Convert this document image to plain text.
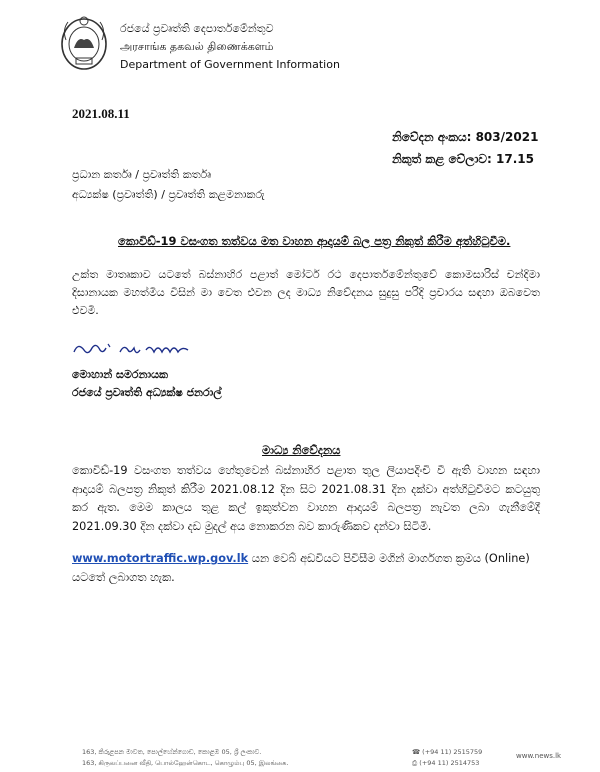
රජයේ ප්‍රවෘත්ති දෙපාර්තමේන්තුව
அரசாங்க தகவல் திணைக்களம்
Department of Government Information
2021.08.11
නිවේදන අංකය: 803/2021
නිකුත් කළ වේලාව: 17.15
ප්‍රධාන කර්තෘ / ප්‍රවෘත්ති කර්තෘ
අධ්‍යක්ෂ (ප්‍රවෘත්ති) / ප්‍රවෘත්ති කළමනාකරු
කොවිඩ්-19 වසංගත තත්වය මත වාහන ආදායම් බල පත්‍ර නිකුත් කිරීම අත්හිටුවීම.
උක්ත මාතෘකාව යටතේ බස්නාහිර පළාත් මෝටර් රථ දෙපාර්තමේන්තුවේ කොමසාරිස් චන්දිමා දිසානායක මහත්මිය විසින් මා වෙත එවන ලද මාධ්‍ය නිවේදනය සුදුසු පරිදි ප්‍රචාරය සඳහා ඔබවෙත එවමි.
මොහාන් සමරනායක
රජයේ ප්‍රවෘත්ති අධ්‍යක්ෂ ජනරාල්
මාධ්‍ය නිවේදනය
කොවිඩ්-19 වසංගත තත්වය හේතුවෙන් බස්නාහිර පළාත තුල ලියාපදිංචි වී ඇති වාහන සඳහා ආදායම් බලපත්‍ර නිකුත් කිරීම 2021.08.12 දින සිට 2021.08.31 දින දක්වා අත්හිටුවීමට කටයුතු කර ඇත. මෙම කාලය තුළ කල් ඉකුත්වන වාහන ආදායම් බලපත්‍ර නැවත ලබා ගැනීමේදී 2021.09.30 දින දක්වා දඩ මුදල් අය නොකරන බව කාරුණිකව දන්වා සිටිමි.
www.motortraffic.wp.gov.lk යන වෙබ් අඩවියට පිවිසීම මගින් මාර්ගගත ක්‍රමය (Online) යටතේ ලබාගත හැක.
163, කිරුළපන මාවත, පොල්හේන්ගොඩ, කොළඹ 05, ශ්‍රී ලංකාව.
163, கிருலப்பனை வீதி, பொல்ஹேன்கொட, கொழும்பு 05, இலங்கை.
☎ (+94 11) 2515759
⎙ (+94 11) 2514753
www.news.lk
